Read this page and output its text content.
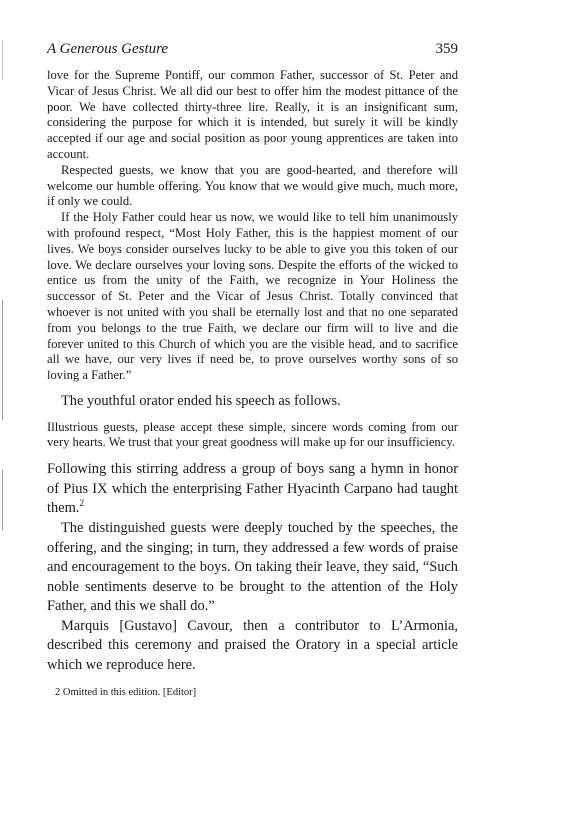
A Generous Gesture	359

love for the Supreme Pontiff, our common Father, successor of St. Peter and Vicar of Jesus Christ. We all did our best to offer him the modest pittance of the poor. We have collected thirty-three lire. Really, it is an insignificant sum, considering the purpose for which it is intended, but surely it will be kindly accepted if our age and social position as poor young apprentices are taken into account.

Respected guests, we know that you are good-hearted, and therefore will welcome our humble offering. You know that we would give much, much more, if only we could.

If the Holy Father could hear us now, we would like to tell him unanimously with profound respect, “Most Holy Father, this is the happiest moment of our lives. We boys consider ourselves lucky to be able to give you this token of our love. We declare ourselves your loving sons. Despite the efforts of the wicked to entice us from the unity of the Faith, we recognize in Your Holiness the successor of St. Peter and the Vicar of Jesus Christ. Totally convinced that whoever is not united with you shall be eternally lost and that no one separated from you belongs to the true Faith, we declare our firm will to live and die forever united to this Church of which you are the visible head, and to sacrifice all we have, our very lives if need be, to prove ourselves worthy sons of so loving a Father.”

The youthful orator ended his speech as follows.

Illustrious guests, please accept these simple, sincere words coming from our very hearts. We trust that your great goodness will make up for our insufficiency.

Following this stirring address a group of boys sang a hymn in honor of Pius IX which the enterprising Father Hyacinth Carpano had taught them.$^2$

The distinguished guests were deeply touched by the speeches, the offering, and the singing; in turn, they addressed a few words of praise and encouragement to the boys. On taking their leave, they said, “Such noble sentiments deserve to be brought to the attention of the Holy Father, and this we shall do.”

Marquis [Gustavo] Cavour, then a contributor to L’Armonia, described this ceremony and praised the Oratory in a special article which we reproduce here.

2 Omitted in this edition. [Editor]
